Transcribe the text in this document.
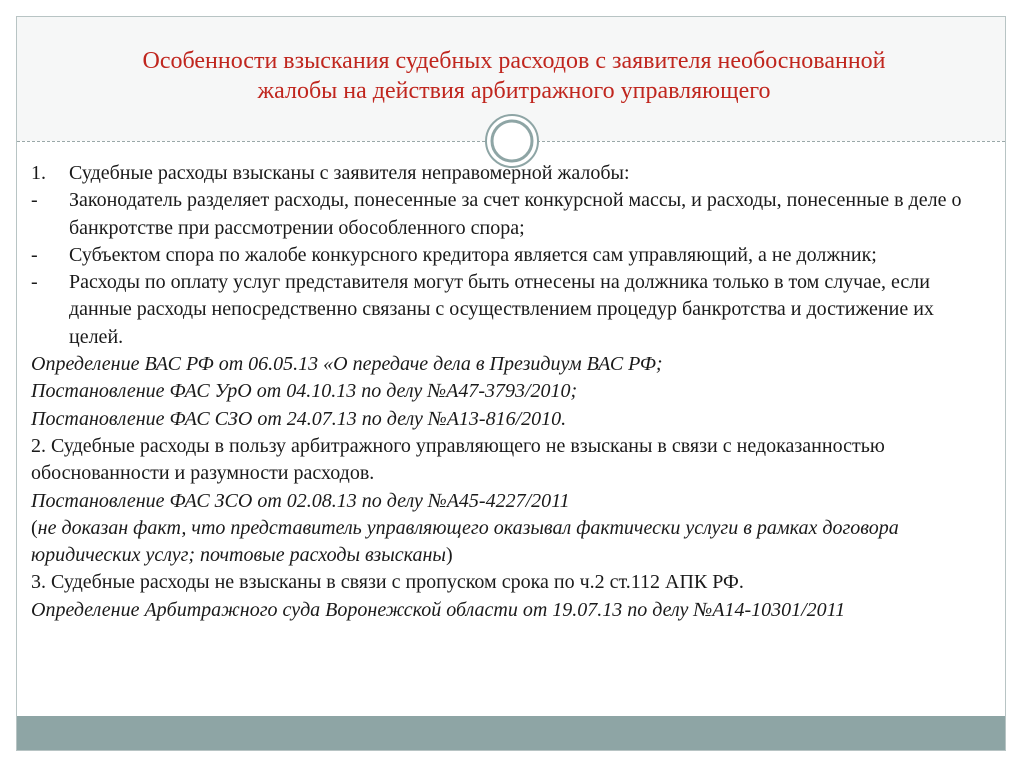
Особенности взыскания судебных расходов с заявителя необоснованной
жалобы на действия арбитражного управляющего
1. Судебные расходы взысканы с заявителя неправомерной жалобы:
- Законодатель разделяет расходы, понесенные за счет конкурсной массы, и расходы, понесенные в деле о банкротстве при рассмотрении обособленного спора;
- Субъектом спора по жалобе конкурсного кредитора является сам управляющий, а не должник;
- Расходы по оплату услуг представителя могут быть отнесены на должника только в том случае, если данные расходы непосредственно связаны с осуществлением процедур банкротства и достижение их целей.
Определение ВАС РФ от 06.05.13 «О передаче дела в Президиум ВАС РФ;
Постановление ФАС УрО от 04.10.13 по делу №А47-3793/2010;
Постановление ФАС СЗО от 24.07.13 по делу №А13-816/2010.
2. Судебные расходы в пользу арбитражного управляющего не взысканы в связи с недоказанностью обоснованности и разумности расходов.
Постановление ФАС ЗСО от 02.08.13 по делу №А45-4227/2011
(не доказан факт, что представитель управляющего оказывал фактически услуги в рамках договора юридических услуг; почтовые расходы взысканы)
3. Судебные расходы не взысканы в связи с пропуском срока по ч.2 ст.112 АПК РФ.
Определение Арбитражного суда Воронежской области от 19.07.13 по делу №А14-10301/2011
